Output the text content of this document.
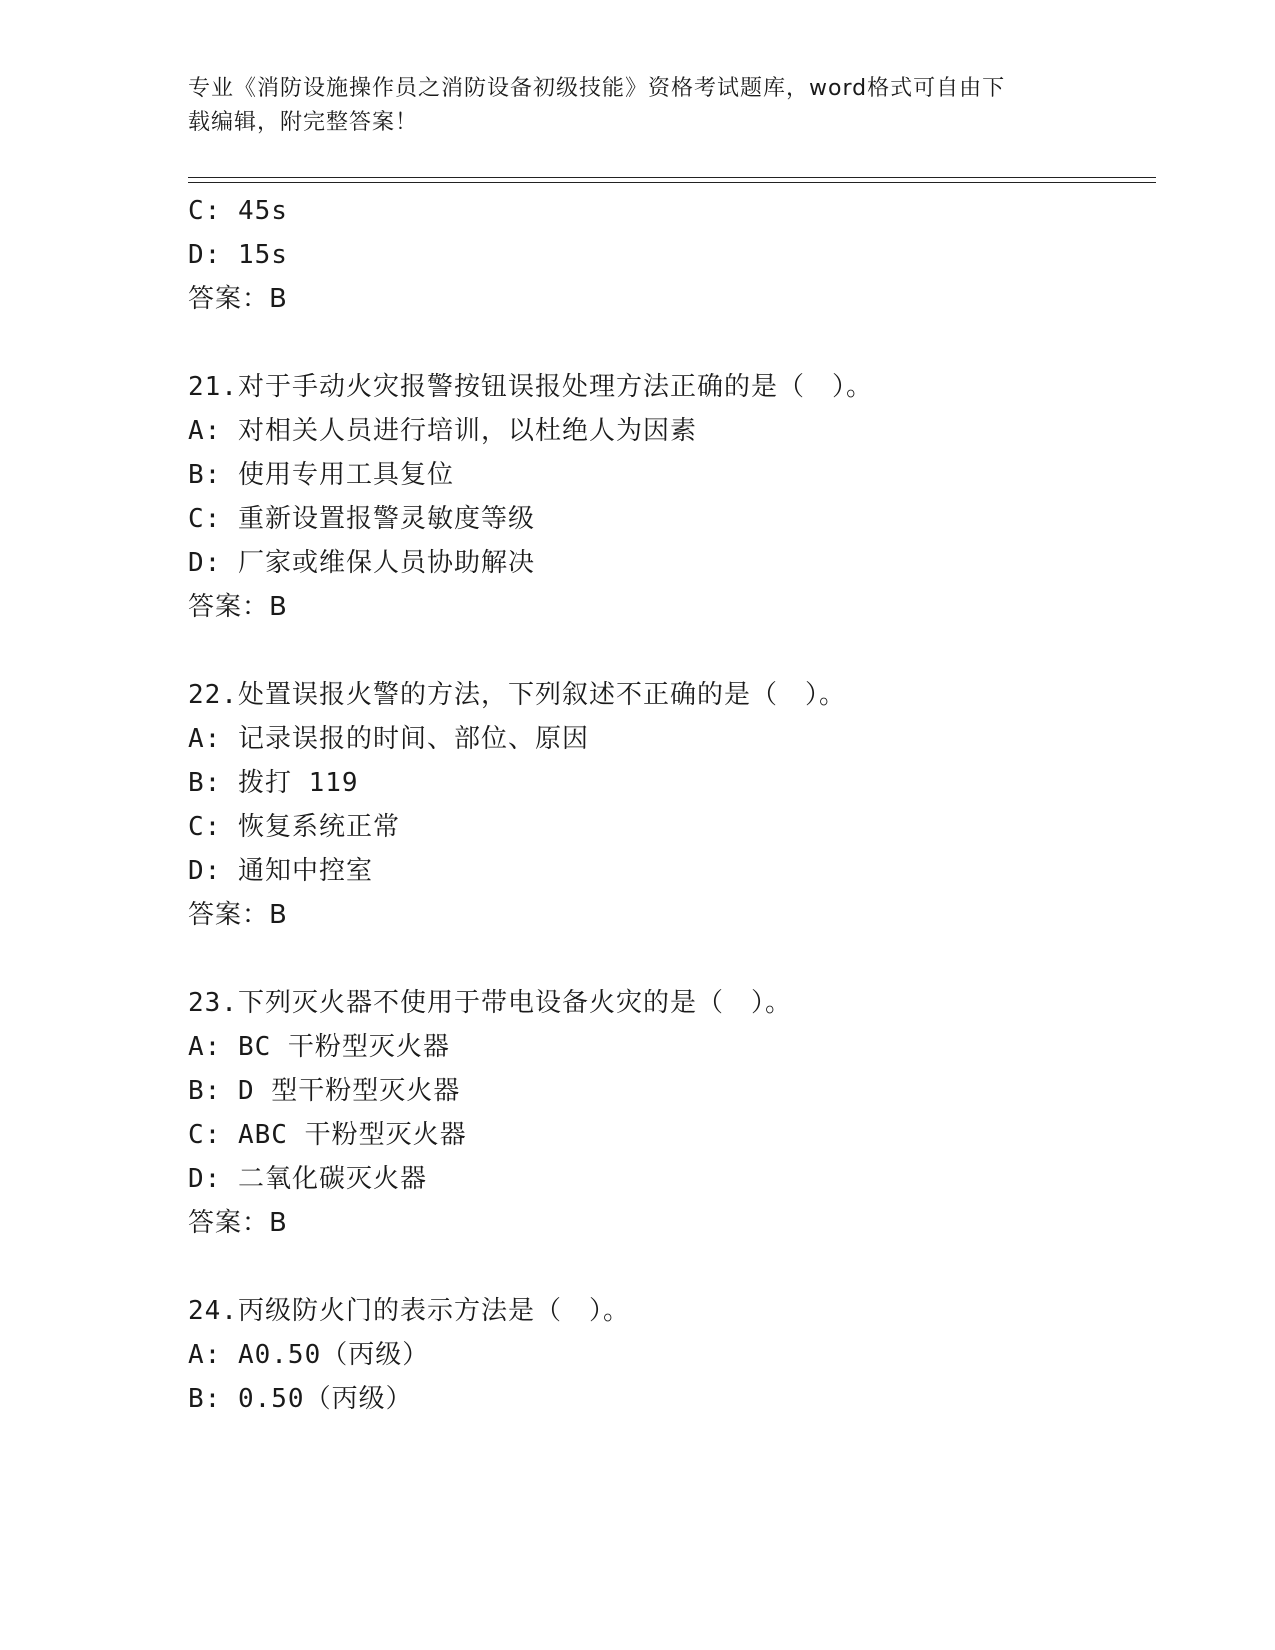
专业《消防设施操作员之消防设备初级技能》资格考试题库，word格式可自由下
载编辑，附完整答案！
C: 45s
D: 15s
答案：B
21.对于手动火灾报警按钮误报处理方法正确的是（　）。
A: 对相关人员进行培训，以杜绝人为因素
B: 使用专用工具复位
C: 重新设置报警灵敏度等级
D: 厂家或维保人员协助解决
答案：B
22.处置误报火警的方法，下列叙述不正确的是（　）。
A: 记录误报的时间、部位、原因
B: 拨打 119
C: 恢复系统正常
D: 通知中控室
答案：B
23.下列灭火器不使用于带电设备火灾的是（　）。
A: BC 干粉型灭火器
B: D 型干粉型灭火器
C: ABC 干粉型灭火器
D: 二氧化碳灭火器
答案：B
24.丙级防火门的表示方法是（　）。
A: A0.50（丙级）
B: 0.50（丙级）
